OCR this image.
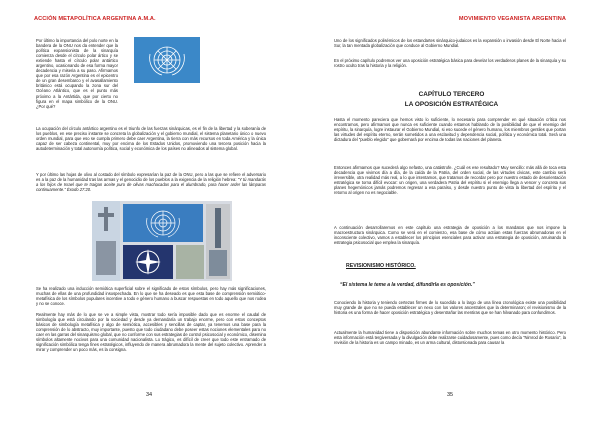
ACCIÓN METAPOLÍTICA ARGENTINA A.M.A.

Por último la importancia del polo norte en la bandera de la ONU nos da entender que la política expansionista de la sinarquía comienza desde el círculo polar ártico y se extiende hasta el círculo polar antártico argentino, ocasionando de esa forma mayor decadencia y miseria a su paso. Afirmamos que por esa razón Argentina es el epicentro de un gran desembarco y el avasallamiento británico está ocupando la zona sur del Océano Atlántico, que es el punto más próximo a la Antártida, que por cierto no figura en el mapa simbólico de la ONU. ¿Por qué?

La ocupación del círculo antártico argentino es el triunfo de las fuerzas sinárquicas, es el fin de la libertad y la soberanía de los pueblos, en ese preciso instante se concreta la globalización y el gobierno mundial, el sistema planetario único o nuevo orden mundial, para que eso se cumpla primero debe caer Argentina, la tierra con más recursos en toda América y la única capaz de ser cabeza continental, muy por encima de los Estados Unidos, promoviendo una tercera posición hacia la autodeterminación y total autonomía política, social y económica de los países no alineados al sistema global.

Y por último las hojas de olivo al costado del símbolo expresarían la paz de la ONU, pero a las que se refiere el adversario es a la paz de la humanidad tras las armas y el genocidio de los pueblos a la exigencia de la religión hebrea: “Y tú mandarás a los hijos de Israel que te traigan aceite puro de olivas machacadas para el alumbrado, para hacer arder las lámparas continuamente.” Éxodo 27:20.

Se ha realizado una inducción semiótica superficial sobre el significado de estos símbolos, pero hay más significaciones, muchas de ellas de una profundidad insospechada. En lo que se ha deseado es que esta base de comprensión semiótico-metafísica de los símbolos populares incentive a todo e género humano a buscar respuestas en todo aquello que nos rodea y no se conoce.

Realmente hay más de lo que se ve a simple vista, mostrar todo sería imposible dado que es enorme el caudal de simbología que está circulando por la sociedad y desde ya demandaría un trabajo enorme, pero con estos conceptos básicos de simbología metafísica y algo de semiótica, accesibles y sencillas de captar, ya tenemos una base para la comprensión de lo abstracto, muy importante, puesto que todo ciudadano debe poseer estas nociones elementales para no caer en las garras del sinarquismo global, que no conforme con sus estrategias de control psicosocial y económico, disemina símbolos altamente nocivos para una comunidad nacionalista. Lo trágico, es difícil de creer que todo este entramado de significación simbólica tenga fines estratégicos, influyendo de manera abrumadora la mente del sujeto colectivo. Aprender a mirar y comprender un poco más, es la consigna.

34
MOVIMIENTO VEGANISTA ARGENTINA

Uno de los significados polisémicos de los estandartes sinárquico-judaicos es la expansión o invasión desde El Norte hacia el Sur, la tan mentada globalización que conduce al Gobierno Mundial.

En el próximo capítulo podremos ver una oposición estratégica básica para develar los verdaderos planes de la sinarquía y su rostro oculto tras la historia y la religión.

CAPÍTULO TERCERO

LA OPOSICIÓN ESTRATÉGICA

Hasta el momento pareciera que hemos visto lo suficiente, lo necesario para comprender en qué situación crítica nos encontramos, pero afirmamos que nunca es suficiente cuando estamos hablando de la posibilidad de que el enemigo del espíritu, la sinarquía, logre instaurar el Gobierno Mundial, si eso sucede el género humano, los miembros gentiles que portan las virtudes del espíritu eterno, serán sometidos a una esclavitud y dependencia social, política y económica total. Será una dictadura del “pueblo elegido” que gobernará por encima de todas las naciones del planeta.

Entonces afirmamos que sucederá algo nefasto, una catástrofe. ¿Cuál es ese resultado? Muy sencillo: más allá de toca esta decadencia que vivimos día a día, de la caída de la Patria, del orden social, de las virtudes cívicas, este cambio será irreversible, otra realidad más real, a lo que intentamos, que tratamos de recordar pero por nuestro estado de desorientación estratégica se torna difícil evocar: un origen, una verdadera Patria del espíritu si el enemigo llega a vencer y concreta sus planes hegemónicos jamás podremos regresar a esa paraíso, y desde nuestro punto de vista la libertad del espíritu y el retorno al origen no es negociable.

A continuación desarrollaremos en este capítulo una estrategia de oposición a los mandatos que nos impone la macroestructura sinárquica. Como se verá en el comienzo, esa base de cómo actúan estas fuerzas abrumadoras en el inconsciente colectivo, vamos a establecer los principios esenciales para activar una estrategia de oposición, arruinando la estrategia psicosocial que emplea la sinarquía.

REVISIONISMO HISTÓRICO.

“El sistema le teme a la verdad, difundirla es oposición.”

Conociendo la historia y teniendo certezas firmes de lo sucedido a lo largo de una línea cronológica existe una posibilidad muy grande de que no se pueda establecer un nexo con los valores ancestrales que la determinaron; el revisionismo de la historia es una forma de hacer oposición estratégica y desentrañar las mentiras que se han hilvanado para confundirnos.

Actualmente la humanidad tiene a disposición abundante información sobre muchos temas en otro momento histórico. Pero esta información está tergiversada y la divulgación debe realizarse cuidadosamente, pues como decía “Nimrod de Rosario”, la revisión de la historia es un campo minado, es un arma cultural, distorsionada para causar la

35
